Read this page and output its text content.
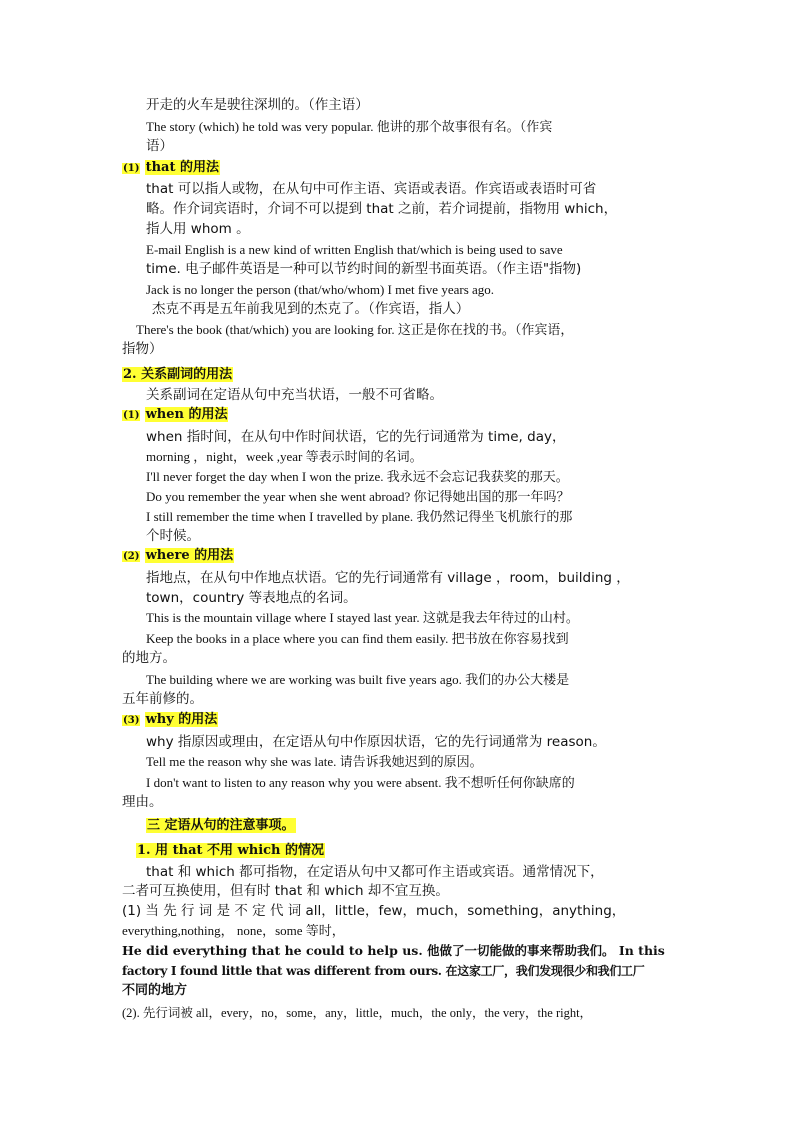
开走的火车是驶往深圳的。（作主语）
The story (which) he told was very popular. 他讲的那个故事很有名。（作宾
语）
(1) that 的用法
that 可以指人或物，在从句中可作主语、宾语或表语。作宾语或表语时可省
略。作介词宾语时，介词不可以提到 that 之前，若介词提前，指物用 which，
指人用 whom 。
E-mail English is a new kind of written English that/which is being used to save
time. 电子邮件英语是一种可以节约时间的新型书面英语。（作主语"指物)
Jack is no longer the person (that/who/whom) I met five years ago.
杰克不再是五年前我见到的杰克了。（作宾语，指人）
There's the book (that/which) you are looking for. 这正是你在找的书。（作宾语，
指物）
2. 关系副词的用法
关系副词在定语从句中充当状语，一般不可省略。
(1) when 的用法
when 指时间，在从句中作时间状语，它的先行词通常为 time, day，
morning ，night，week ,year 等表示时间的名词。
I'll never forget the day when I won the prize. 我永远不会忘记我获奖的那天。
Do you remember the year when she went abroad? 你记得她出国的那一年吗？
I still remember the time when I travelled by plane. 我仍然记得坐飞机旅行的那
个时候。
(2) where 的用法
指地点，在从句中作地点状语。它的先行词通常有 village ，room，building ，
town，country 等表地点的名词。
This is the mountain village where I stayed last year. 这就是我去年待过的山村。
Keep the books in a place where you can find them easily. 把书放在你容易找到
的地方。
The building where we are working was built five years ago. 我们的办公大楼是
五年前修的。
(3) why 的用法
why 指原因或理由，在定语从句中作原因状语，它的先行词通常为 reason。
Tell me the reason why she was late. 请告诉我她迟到的原因。
I don't want to listen to any reason why you were absent. 我不想听任何你缺席的
理由。
三 定语从句的注意事项。
1. 用 that 不用 which 的情况
that 和 which 都可指物，在定语从句中又都可作主语或宾语。通常情况下，
二者可互换使用，但有时 that 和 which 却不宜互换。
(1) 当 先 行 词 是 不 定 代 词 all，little，few，much，something，anything，
everything,nothing， none，some 等时，
He did everything that he could to help us. 他做了一切能做的事来帮助我们。 In this
factory I found little that was different from ours. 在这家工厂，我们发现很少和我们工厂
不同的地方
(2). 先行词被 all，every，no，some，any，little，much，the only，the very，the right，
